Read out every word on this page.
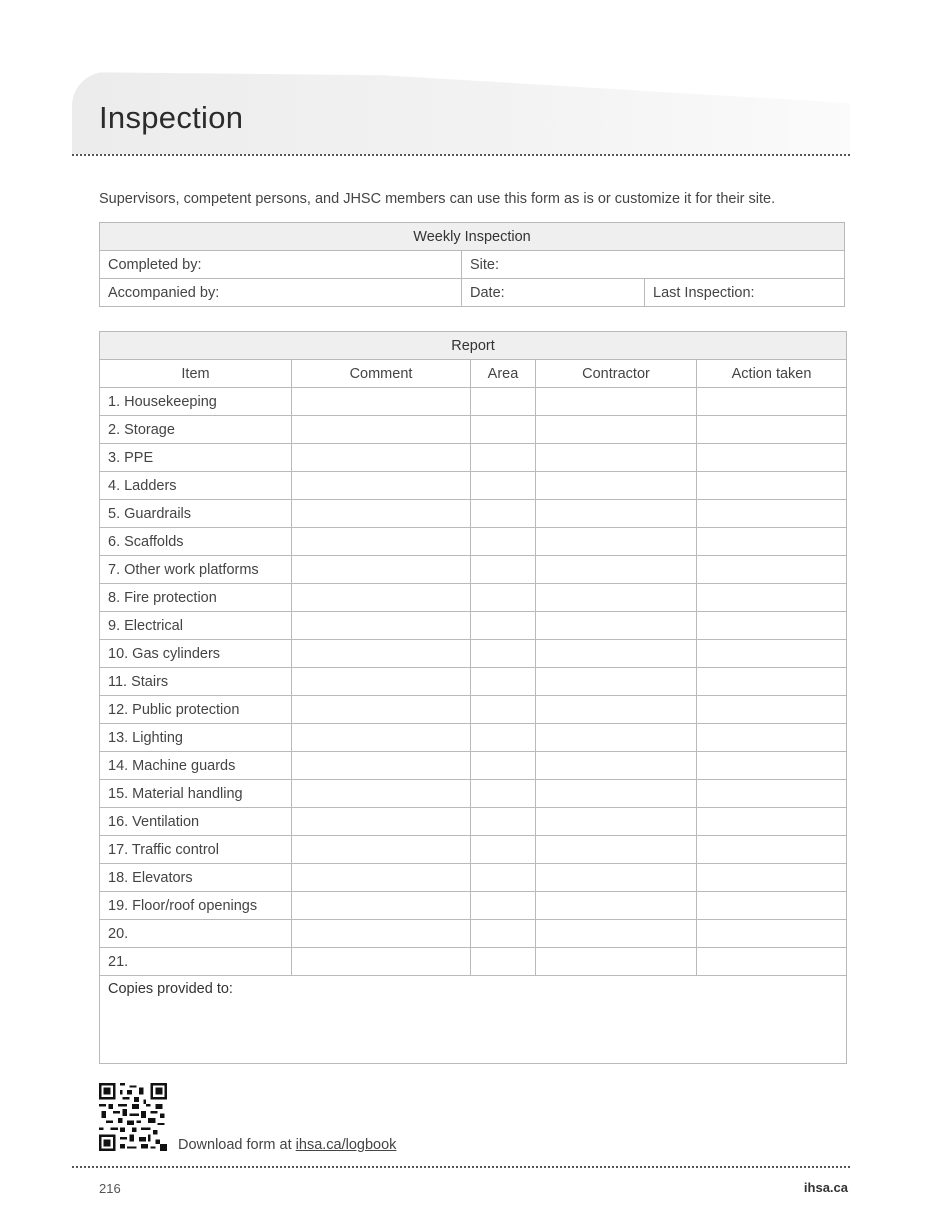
Inspection
Supervisors, competent persons, and JHSC members can use this form as is or customize it for their site.
Weekly Inspection		
Completed by:	Site:	
Accompanied by:	Date:	Last Inspection:
Report				
Item	Comment	Area	Contractor	Action taken
1. Housekeeping				
2. Storage				
3. PPE				
4. Ladders				
5. Guardrails				
6. Scaffolds				
7. Other work platforms				
8. Fire protection				
9. Electrical				
10. Gas cylinders				
11. Stairs				
12. Public protection				
13. Lighting				
14. Machine guards				
15. Material handling				
16. Ventilation				
17. Traffic control				
18. Elevators				
19. Floor/roof openings				
20.				
21.				
Copies provided to:				
Download form at ihsa.ca/logbook
216	ihsa.ca
